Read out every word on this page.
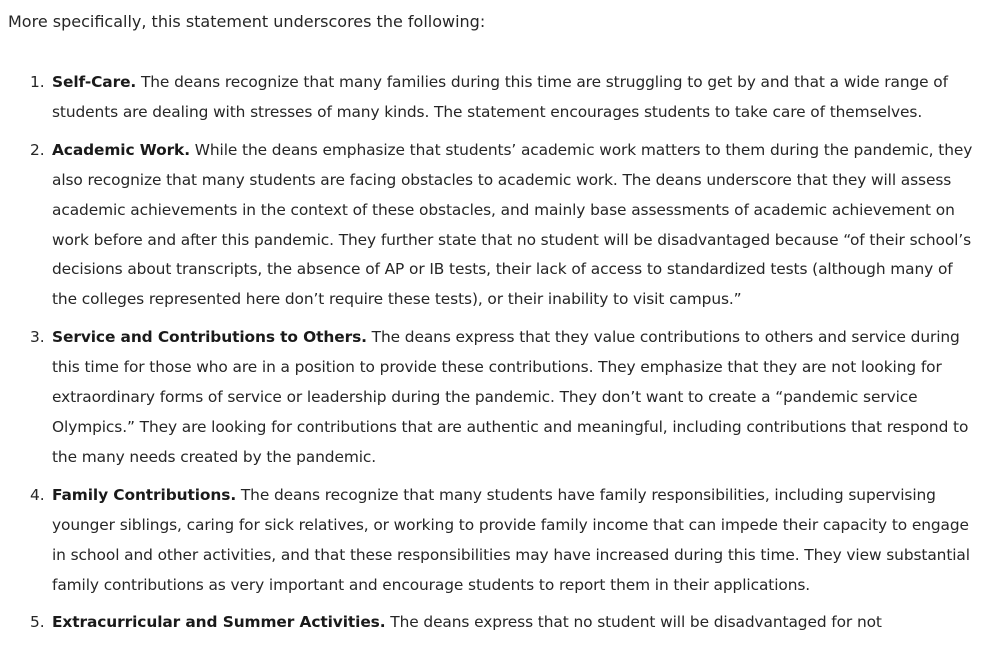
More specifically, this statement underscores the following:

1. Self-Care. The deans recognize that many families during this time are struggling to get by and that a wide range of students are dealing with stresses of many kinds. The statement encourages students to take care of themselves.
2. Academic Work. While the deans emphasize that students’ academic work matters to them during the pandemic, they also recognize that many students are facing obstacles to academic work. The deans underscore that they will assess academic achievements in the context of these obstacles, and mainly base assessments of academic achievement on work before and after this pandemic. They further state that no student will be disadvantaged because “of their school’s decisions about transcripts, the absence of AP or IB tests, their lack of access to standardized tests (although many of the colleges represented here don’t require these tests), or their inability to visit campus.”
3. Service and Contributions to Others. The deans express that they value contributions to others and service during this time for those who are in a position to provide these contributions. They emphasize that they are not looking for extraordinary forms of service or leadership during the pandemic. They don’t want to create a “pandemic service Olympics.” They are looking for contributions that are authentic and meaningful, including contributions that respond to the many needs created by the pandemic.
4. Family Contributions. The deans recognize that many students have family responsibilities, including supervising younger siblings, caring for sick relatives, or working to provide family income that can impede their capacity to engage in school and other activities, and that these responsibilities may have increased during this time. They view substantial family contributions as very important and encourage students to report them in their applications.
5. Extracurricular and Summer Activities. The deans express that no student will be disadvantaged for not
